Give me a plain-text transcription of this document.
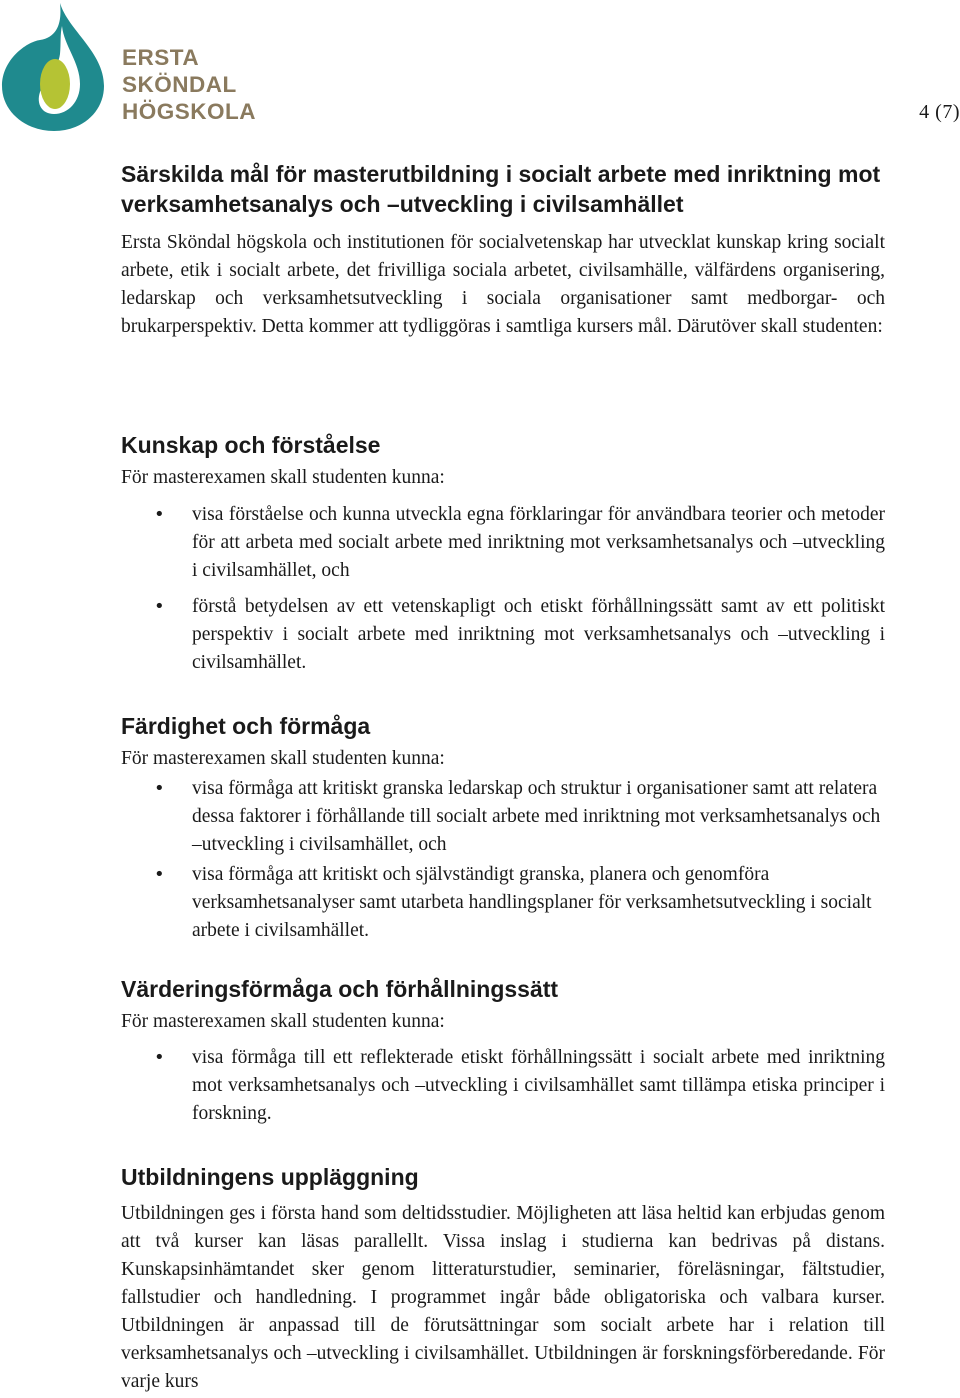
ERSTA
SKÖNDAL
HÖGSKOLA	4 (7)
Särskilda mål för masterutbildning i socialt arbete med inriktning mot verksamhetsanalys och –utveckling i civilsamhället

Ersta Sköndal högskola och institutionen för socialvetenskap har utvecklat kunskap kring socialt arbete, etik i socialt arbete, det frivilliga sociala arbetet, civilsamhälle, välfärdens organisering, ledarskap och verksamhetsutveckling i sociala organisationer samt medborgar- och brukarperspektiv. Detta kommer att tydliggöras i samtliga kursers mål. Därutöver skall studenten:

Kunskap och förståelse

För masterexamen skall studenten kunna:

• visa förståelse och kunna utveckla egna förklaringar för användbara teorier och metoder för att arbeta med socialt arbete med inriktning mot verksamhetsanalys och –utveckling i civilsamhället, och
• förstå betydelsen av ett vetenskapligt och etiskt förhållningssätt samt av ett politiskt perspektiv i socialt arbete med inriktning mot verksamhetsanalys och –utveckling i civilsamhället.
Färdighet och förmåga

För masterexamen skall studenten kunna:

• visa förmåga att kritiskt granska ledarskap och struktur i organisationer samt att relatera dessa faktorer i förhållande till socialt arbete med inriktning mot verksamhetsanalys och –utveckling i civilsamhället, och
• visa förmåga att kritiskt och självständigt granska, planera och genomföra verksamhetsanalyser samt utarbeta handlingsplaner för verksamhetsutveckling i socialt arbete i civilsamhället.
Värderingsförmåga och förhållningssätt

För masterexamen skall studenten kunna:

• visa förmåga till ett reflekterade etiskt förhållningssätt i socialt arbete med inriktning mot verksamhetsanalys och –utveckling i civilsamhället samt tillämpa etiska principer i forskning.
Utbildningens uppläggning

Utbildningen ges i första hand som deltidsstudier. Möjligheten att läsa heltid kan erbjudas genom att två kurser kan läsas parallellt. Vissa inslag i studierna kan bedrivas på distans. Kunskapsinhämtandet sker genom litteraturstudier, seminarier, föreläsningar, fältstudier, fallstudier och handledning. I programmet ingår både obligatoriska och valbara kurser. Utbildningen är anpassad till de förutsättningar som socialt arbete har i relation till verksamhetsanalys och –utveckling i civilsamhället. Utbildningen är forskningsförberedande. För varje kurs
